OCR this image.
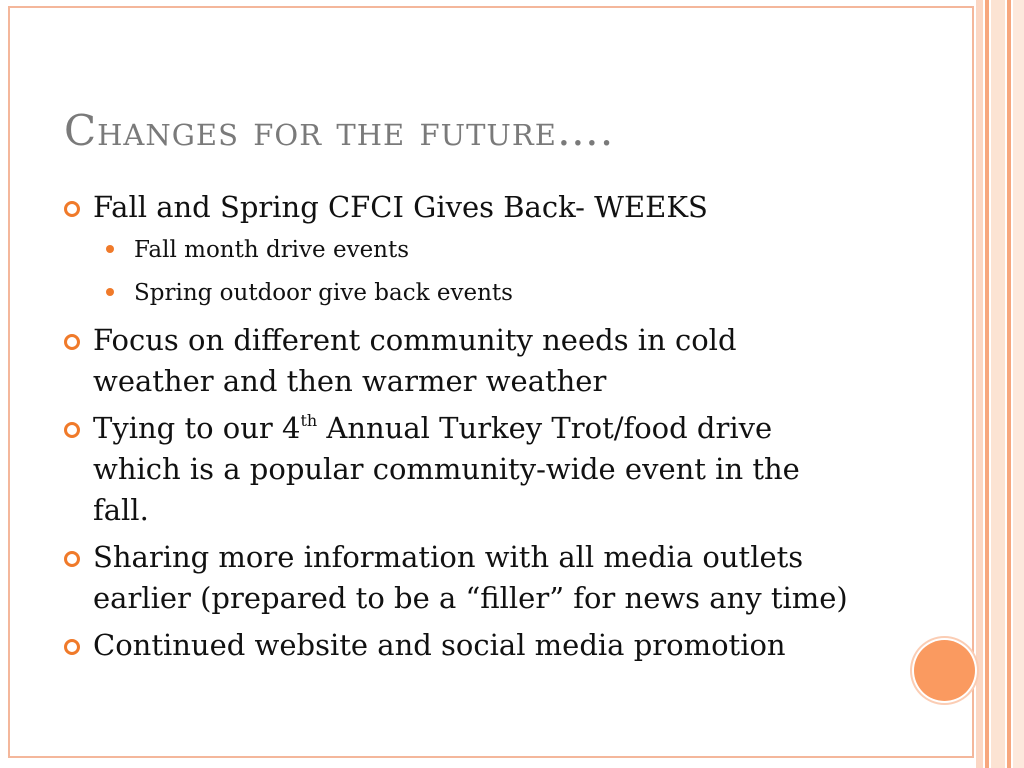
Changes for the future….
Fall and Spring CFCI Gives Back- WEEKS
Fall month drive events
Spring outdoor give back events
Focus on different community needs in cold weather and then warmer weather
Tying to our 4th Annual Turkey Trot/food drive which is a popular community-wide event in the fall.
Sharing more information with all media outlets earlier (prepared to be a “filler” for news any time)
Continued website and social media promotion
